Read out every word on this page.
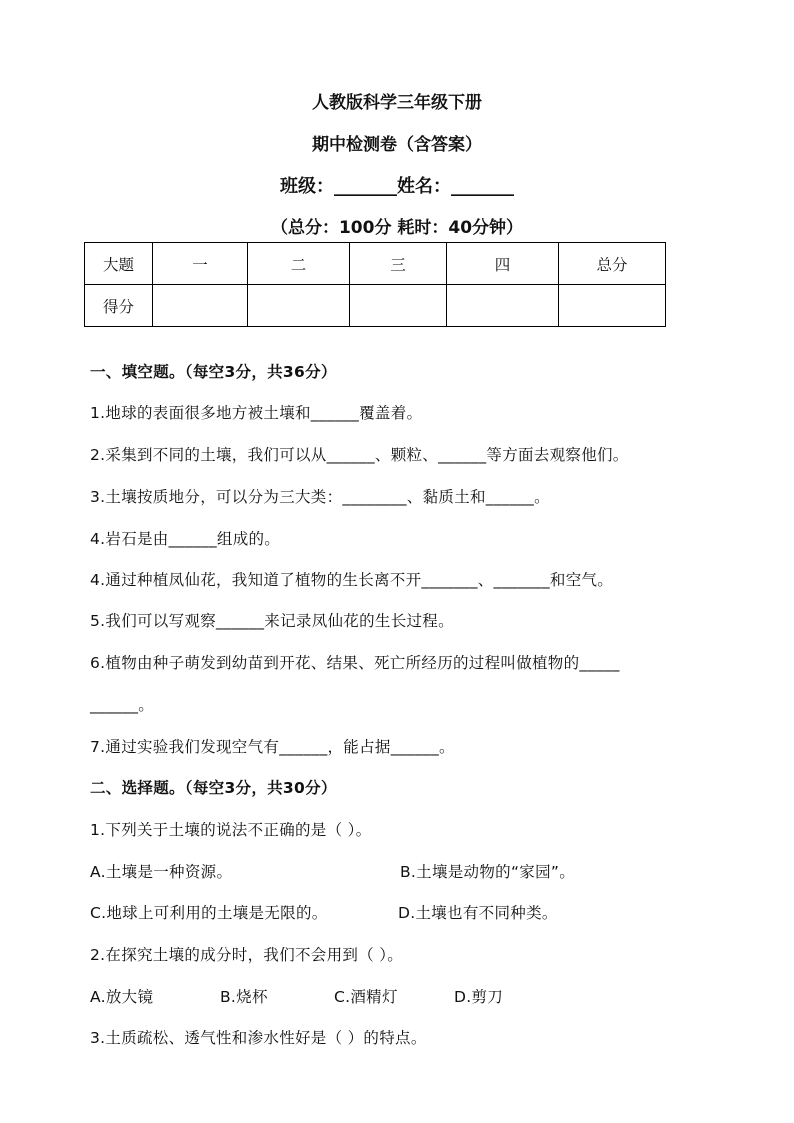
人教版科学三年级下册
期中检测卷（含答案）
班级：_______姓名：_______
（总分：100分 耗时：40分钟）
大题	一	二	三	四	总分
得分					
一、填空题。（每空3分，共36分）
1.地球的表面很多地方被土壤和______覆盖着。
2.采集到不同的土壤，我们可以从______、颗粒、______等方面去观察他们。
3.土壤按质地分，可以分为三大类：________、黏质土和______。
4.岩石是由______组成的。
4.通过种植凤仙花，我知道了植物的生长离不开_______、_______和空气。
5.我们可以写观察______来记录凤仙花的生长过程。
6.植物由种子萌发到幼苗到开花、结果、死亡所经历的过程叫做植物的_____
______。
7.通过实验我们发现空气有______，能占据______。
二、选择题。（每空3分，共30分）
1.下列关于土壤的说法不正确的是（ ）。
A.土壤是一种资源。	B.土壤是动物的“家园”。
C.地球上可利用的土壤是无限的。	D.土壤也有不同种类。
2.在探究土壤的成分时，我们不会用到（ ）。
A.放大镜	B.烧杯	C.酒精灯	D.剪刀
3.土质疏松、透气性和渗水性好是（ ）的特点。
